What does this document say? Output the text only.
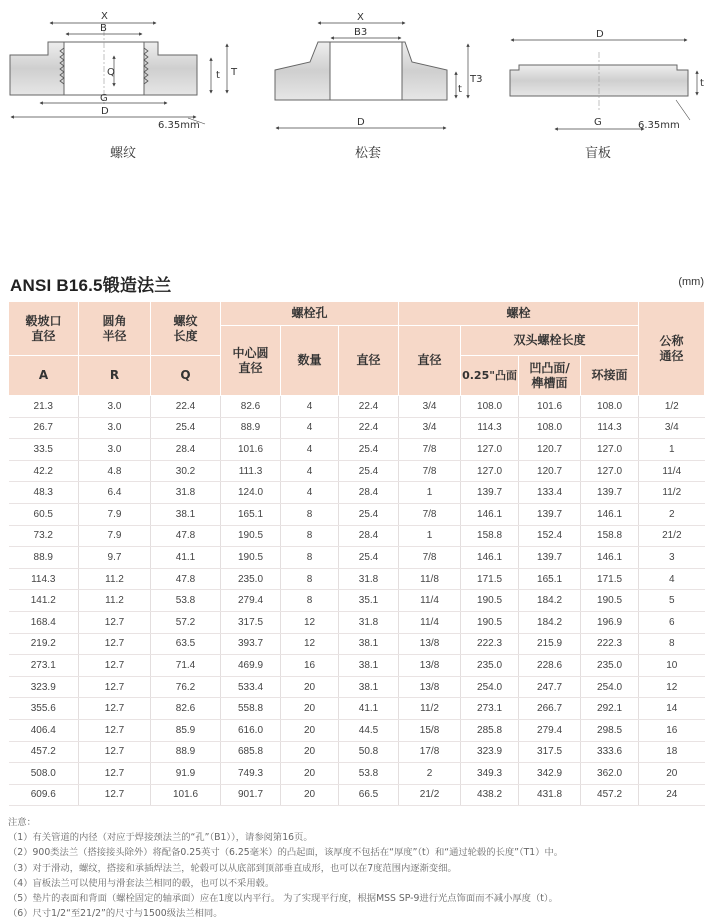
X
B
Q
G
D
t T
6.35mm
X
B3
T3
t
D
D
G
t
6.35mm
螺纹	松套	盲板
ANSI B16.5锻造法兰	(mm)
毂坡口直径	圆角半径	螺纹长度	螺栓孔			螺栓				公称通径
			中心圆直径	数量	直径	直径	双头螺栓长度			
A	R	Q					0.25"凸面	凹凸面/榫槽面	环接面	
21.3	3.0	22.4	82.6	4	22.4	3/4	108.0	101.6	108.0	1/2
26.7	3.0	25.4	88.9	4	22.4	3/4	114.3	108.0	114.3	3/4
33.5	3.0	28.4	101.6	4	25.4	7/8	127.0	120.7	127.0	1
42.2	4.8	30.2	111.3	4	25.4	7/8	127.0	120.7	127.0	11/4
48.3	6.4	31.8	124.0	4	28.4	1	139.7	133.4	139.7	11/2
60.5	7.9	38.1	165.1	8	25.4	7/8	146.1	139.7	146.1	2
73.2	7.9	47.8	190.5	8	28.4	1	158.8	152.4	158.8	21/2
88.9	9.7	41.1	190.5	8	25.4	7/8	146.1	139.7	146.1	3
114.3	11.2	47.8	235.0	8	31.8	11/8	171.5	165.1	171.5	4
141.2	11.2	53.8	279.4	8	35.1	11/4	190.5	184.2	190.5	5
168.4	12.7	57.2	317.5	12	31.8	11/4	190.5	184.2	196.9	6
219.2	12.7	63.5	393.7	12	38.1	13/8	222.3	215.9	222.3	8
273.1	12.7	71.4	469.9	16	38.1	13/8	235.0	228.6	235.0	10
323.9	12.7	76.2	533.4	20	38.1	13/8	254.0	247.7	254.0	12
355.6	12.7	82.6	558.8	20	41.1	11/2	273.1	266.7	292.1	14
406.4	12.7	85.9	616.0	20	44.5	15/8	285.8	279.4	298.5	16
457.2	12.7	88.9	685.8	20	50.8	17/8	323.9	317.5	333.6	18
508.0	12.7	91.9	749.3	20	53.8	2	349.3	342.9	362.0	20
609.6	12.7	101.6	901.7	20	66.5	21/2	438.2	431.8	457.2	24
注意：
（1）有关管道的内径（对应于焊接颈法兰的“孔”（B1）），请参阅第16页。
（2）900类法兰（搭接接头除外）将配备0.25英寸（6.25毫米）的凸起面，该厚度不包括在“厚度”（t）和“通过轮毂的长度”（T1）中。
（3）对于滑动，螺纹，搭接和承插焊法兰，轮毂可以从底部到顶部垂直成形，也可以在7度范围内逐渐变细。
（4）盲板法兰可以使用与滑套法兰相同的毂，也可以不采用毂。
（5）垫片的表面和背面（螺栓固定的轴承面）应在1度以内平行。 为了实现平行度，根据MSS SP-9进行光点饰面而不减小厚度（t）。
（6）尺寸1/2“至21/2”的尺寸与1500级法兰相同。
